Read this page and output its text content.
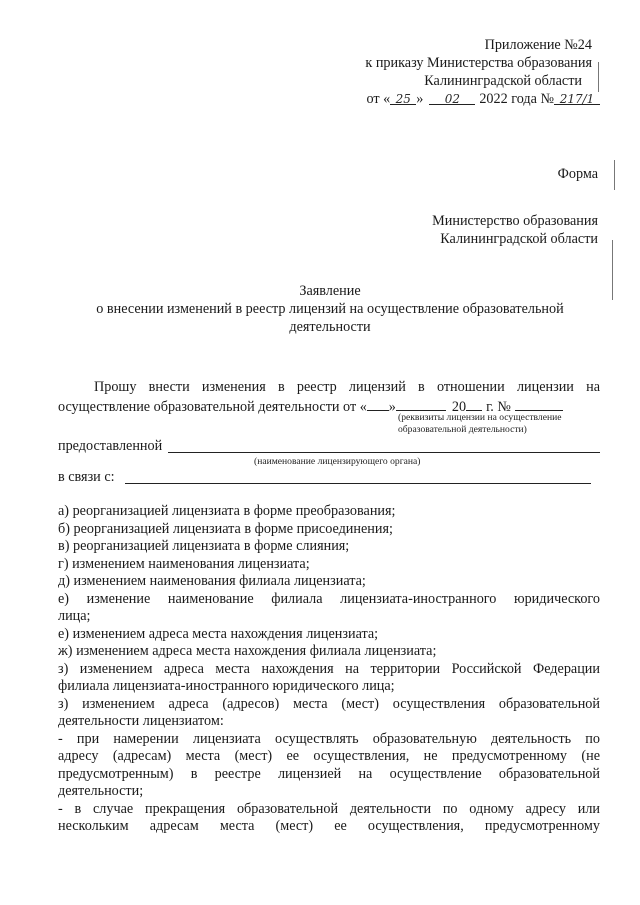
Приложение №24
к приказу Министерства образования
Калининградской области
от « 25 » 02 2022 года № 217/1
Форма
Министерство образования
Калининградской области
Заявление
о внесении изменений в реестр лицензий на осуществление образовательной
деятельности
Прошу внести изменения в реестр лицензий в отношении лицензии на
осуществление образовательной деятельности от « »	20 г. №
(реквизиты лицензии на осуществление
образовательной деятельности)
предоставленной
(наименование лицензирующего органа)
в связи с:

а) реорганизацией лицензиата в форме преобразования;

б) реорганизацией лицензиата в форме присоединения;

в) реорганизацией лицензиата в форме слияния;

г) изменением наименования лицензиата;

д) изменением наименования филиала лицензиата;

е) изменение наименование филиала лицензиата-иностранного юридического

лица;

е) изменением адреса места нахождения лицензиата;

ж) изменением адреса места нахождения филиала лицензиата;

з) изменением адреса места нахождения на территории Российской Федерации

филиала лицензиата-иностранного юридического лица;

з) изменением адреса (адресов) места (мест) осуществления образовательной

деятельности лицензиатом:

- при намерении лицензиата осуществлять образовательную деятельность по

адресу (адресам) места (мест) ее осуществления, не предусмотренному (не

предусмотренным) в реестре лицензией на осуществление образовательной

деятельности;

- в случае прекращения образовательной деятельности по одному адресу или

нескольким адресам места (мест) ее осуществления, предусмотренному
